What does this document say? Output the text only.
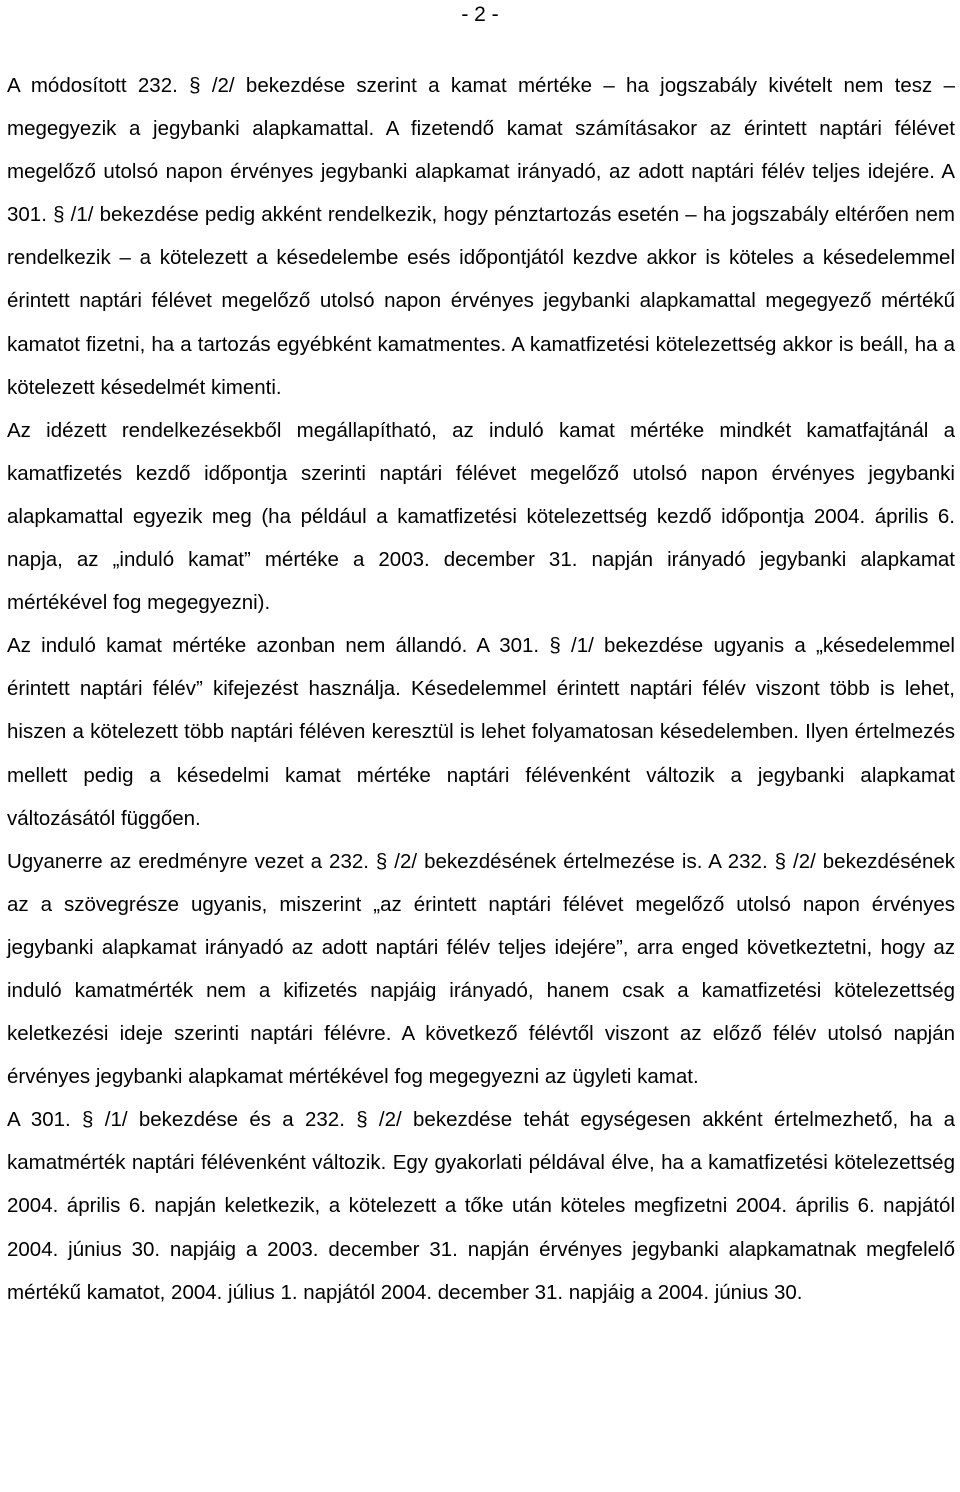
- 2 -

A módosított 232. § /2/ bekezdése szerint a kamat mértéke – ha jogszabály kivételt nem tesz – megegyezik a jegybanki alapkamattal. A fizetendő kamat számításakor az érintett naptári félévet megelőző utolsó napon érvényes jegybanki alapkamat irányadó, az adott naptári félév teljes idejére. A 301. § /1/ bekezdése pedig akként rendelkezik, hogy pénztartozás esetén – ha jogszabály eltérően nem rendelkezik – a kötelezett a késedelembe esés időpontjától kezdve akkor is köteles a késedelemmel érintett naptári félévet megelőző utolsó napon érvényes jegybanki alapkamattal megegyező mértékű kamatot fizetni, ha a tartozás egyébként kamatmentes. A kamatfizetési kötelezettség akkor is beáll, ha a kötelezett késedelmét kimenti.

Az idézett rendelkezésekből megállapítható, az induló kamat mértéke mindkét kamatfajtánál a kamatfizetés kezdő időpontja szerinti naptári félévet megelőző utolsó napon érvényes jegybanki alapkamattal egyezik meg (ha például a kamatfizetési kötelezettség kezdő időpontja 2004. április 6. napja, az „induló kamat” mértéke a 2003. december 31. napján irányadó jegybanki alapkamat mértékével fog megegyezni).

Az induló kamat mértéke azonban nem állandó. A 301. § /1/ bekezdése ugyanis a „késedelemmel érintett naptári félév” kifejezést használja. Késedelemmel érintett naptári félév viszont több is lehet, hiszen a kötelezett több naptári féléven keresztül is lehet folyamatosan késedelemben. Ilyen értelmezés mellett pedig a késedelmi kamat mértéke naptári félévenként változik a jegybanki alapkamat változásától függően.

Ugyanerre az eredményre vezet a 232. § /2/ bekezdésének értelmezése is. A 232. § /2/ bekezdésének az a szövegrésze ugyanis, miszerint „az érintett naptári félévet megelőző utolsó napon érvényes jegybanki alapkamat irányadó az adott naptári félév teljes idejére”, arra enged következtetni, hogy az induló kamatmérték nem a kifizetés napjáig irányadó, hanem csak a kamatfizetési kötelezettség keletkezési ideje szerinti naptári félévre. A következő félévtől viszont az előző félév utolsó napján érvényes jegybanki alapkamat mértékével fog megegyezni az ügyleti kamat.

A 301. § /1/ bekezdése és a 232. § /2/ bekezdése tehát egységesen akként értelmezhető, ha a kamatmérték naptári félévenként változik. Egy gyakorlati példával élve, ha a kamatfizetési kötelezettség 2004. április 6. napján keletkezik, a kötelezett a tőke után köteles megfizetni 2004. április 6. napjától 2004. június 30. napjáig a 2003. december 31. napján érvényes jegybanki alapkamatnak megfelelő mértékű kamatot, 2004. július 1. napjától 2004. december 31. napjáig a 2004. június 30.
